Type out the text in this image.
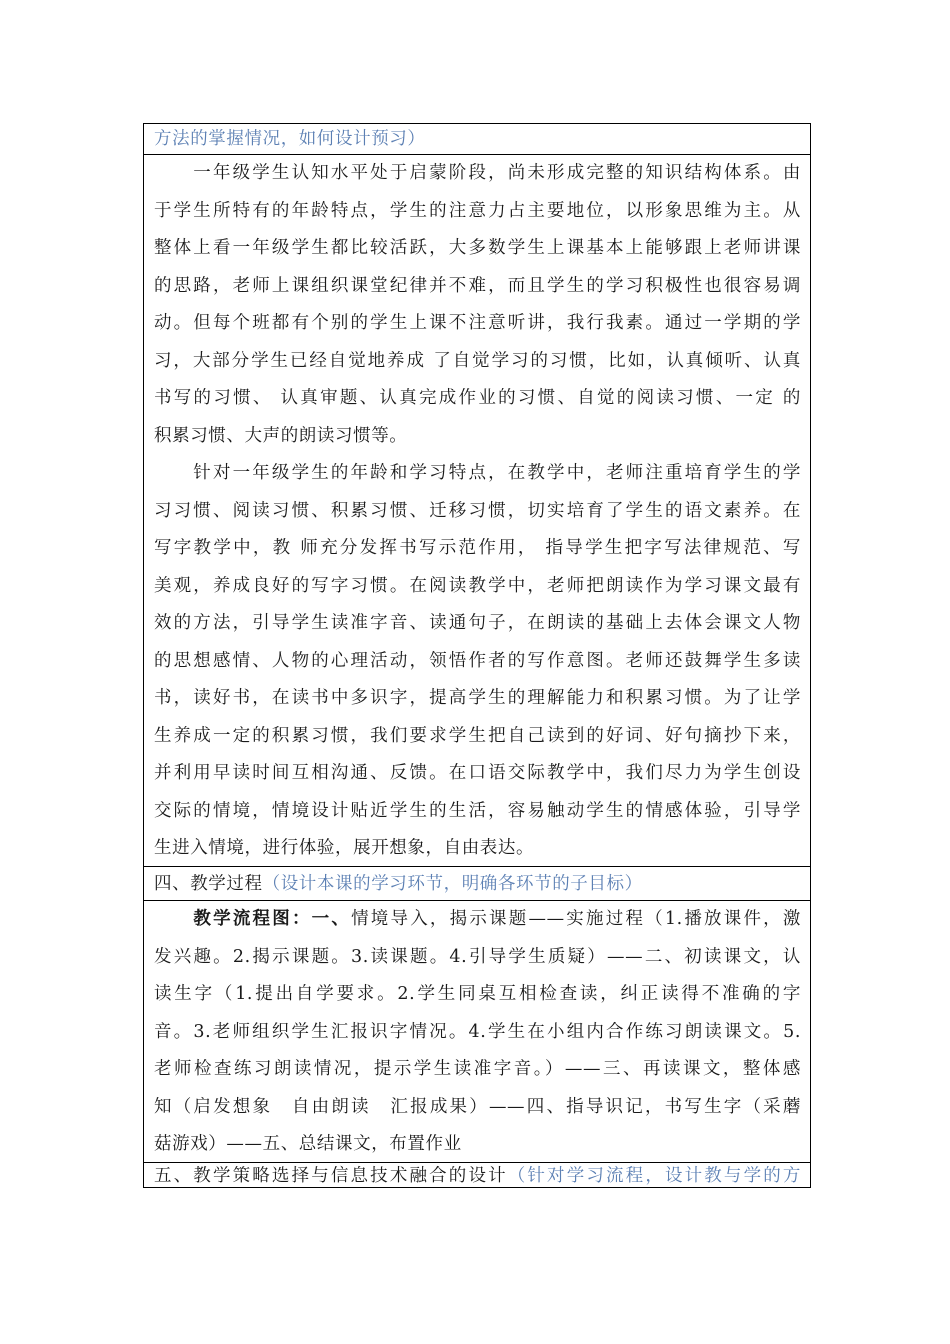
方法的掌握情况，如何设计预习）
　　一年级学生认知水平处于启蒙阶段，尚未形成完整的知识结构体系。由
于学生所特有的年龄特点，学生的注意力占主要地位，以形象思维为主。从
整体上看一年级学生都比较活跃，大多数学生上课基本上能够跟上老师讲课
的思路，老师上课组织课堂纪律并不难，而且学生的学习积极性也很容易调
动。但每个班都有个别的学生上课不注意听讲，我行我素。通过一学期的学
习，大部分学生已经自觉地养成 了自觉学习的习惯，比如，认真倾听、认真
书写的习惯、 认真审题、认真完成作业的习惯、自觉的阅读习惯、一定 的
积累习惯、大声的朗读习惯等。
　　针对一年级学生的年龄和学习特点，在教学中，老师注重培育学生的学
习习惯、阅读习惯、积累习惯、迁移习惯，切实培育了学生的语文素养。在
写字教学中，教 师充分发挥书写示范作用， 指导学生把字写法律规范、写
美观，养成良好的写字习惯。在阅读教学中，老师把朗读作为学习课文最有
效的方法，引导学生读准字音、读通句子，在朗读的基础上去体会课文人物
的思想感情、人物的心理活动，领悟作者的写作意图。老师还鼓舞学生多读
书，读好书，在读书中多识字，提高学生的理解能力和积累习惯。为了让学
生养成一定的积累习惯，我们要求学生把自己读到的好词、好句摘抄下来，
并利用早读时间互相沟通、反馈。在口语交际教学中，我们尽力为学生创设
交际的情境，情境设计贴近学生的生活，容易触动学生的情感体验，引导学
生进入情境，进行体验，展开想象，自由表达。
四、教学过程（设计本课的学习环节，明确各环节的子目标）
　　教学流程图：一、情境导入，揭示课题——实施过程（1.播放课件，激
发兴趣。2.揭示课题。3.读课题。4.引导学生质疑）——二、初读课文，认
读生字（1.提出自学要求。2.学生同桌互相检查读，纠正读得不准确的字
音。3.老师组织学生汇报识字情况。4.学生在小组内合作练习朗读课文。5.
老师检查练习朗读情况，提示学生读准字音。）——三、再读课文，整体感
知（启发想象　自由朗读　汇报成果）——四、指导识记，书写生字（采蘑
菇游戏）——五、总结课文，布置作业
五、教学策略选择与信息技术融合的设计（针对学习流程，设计教与学的方
